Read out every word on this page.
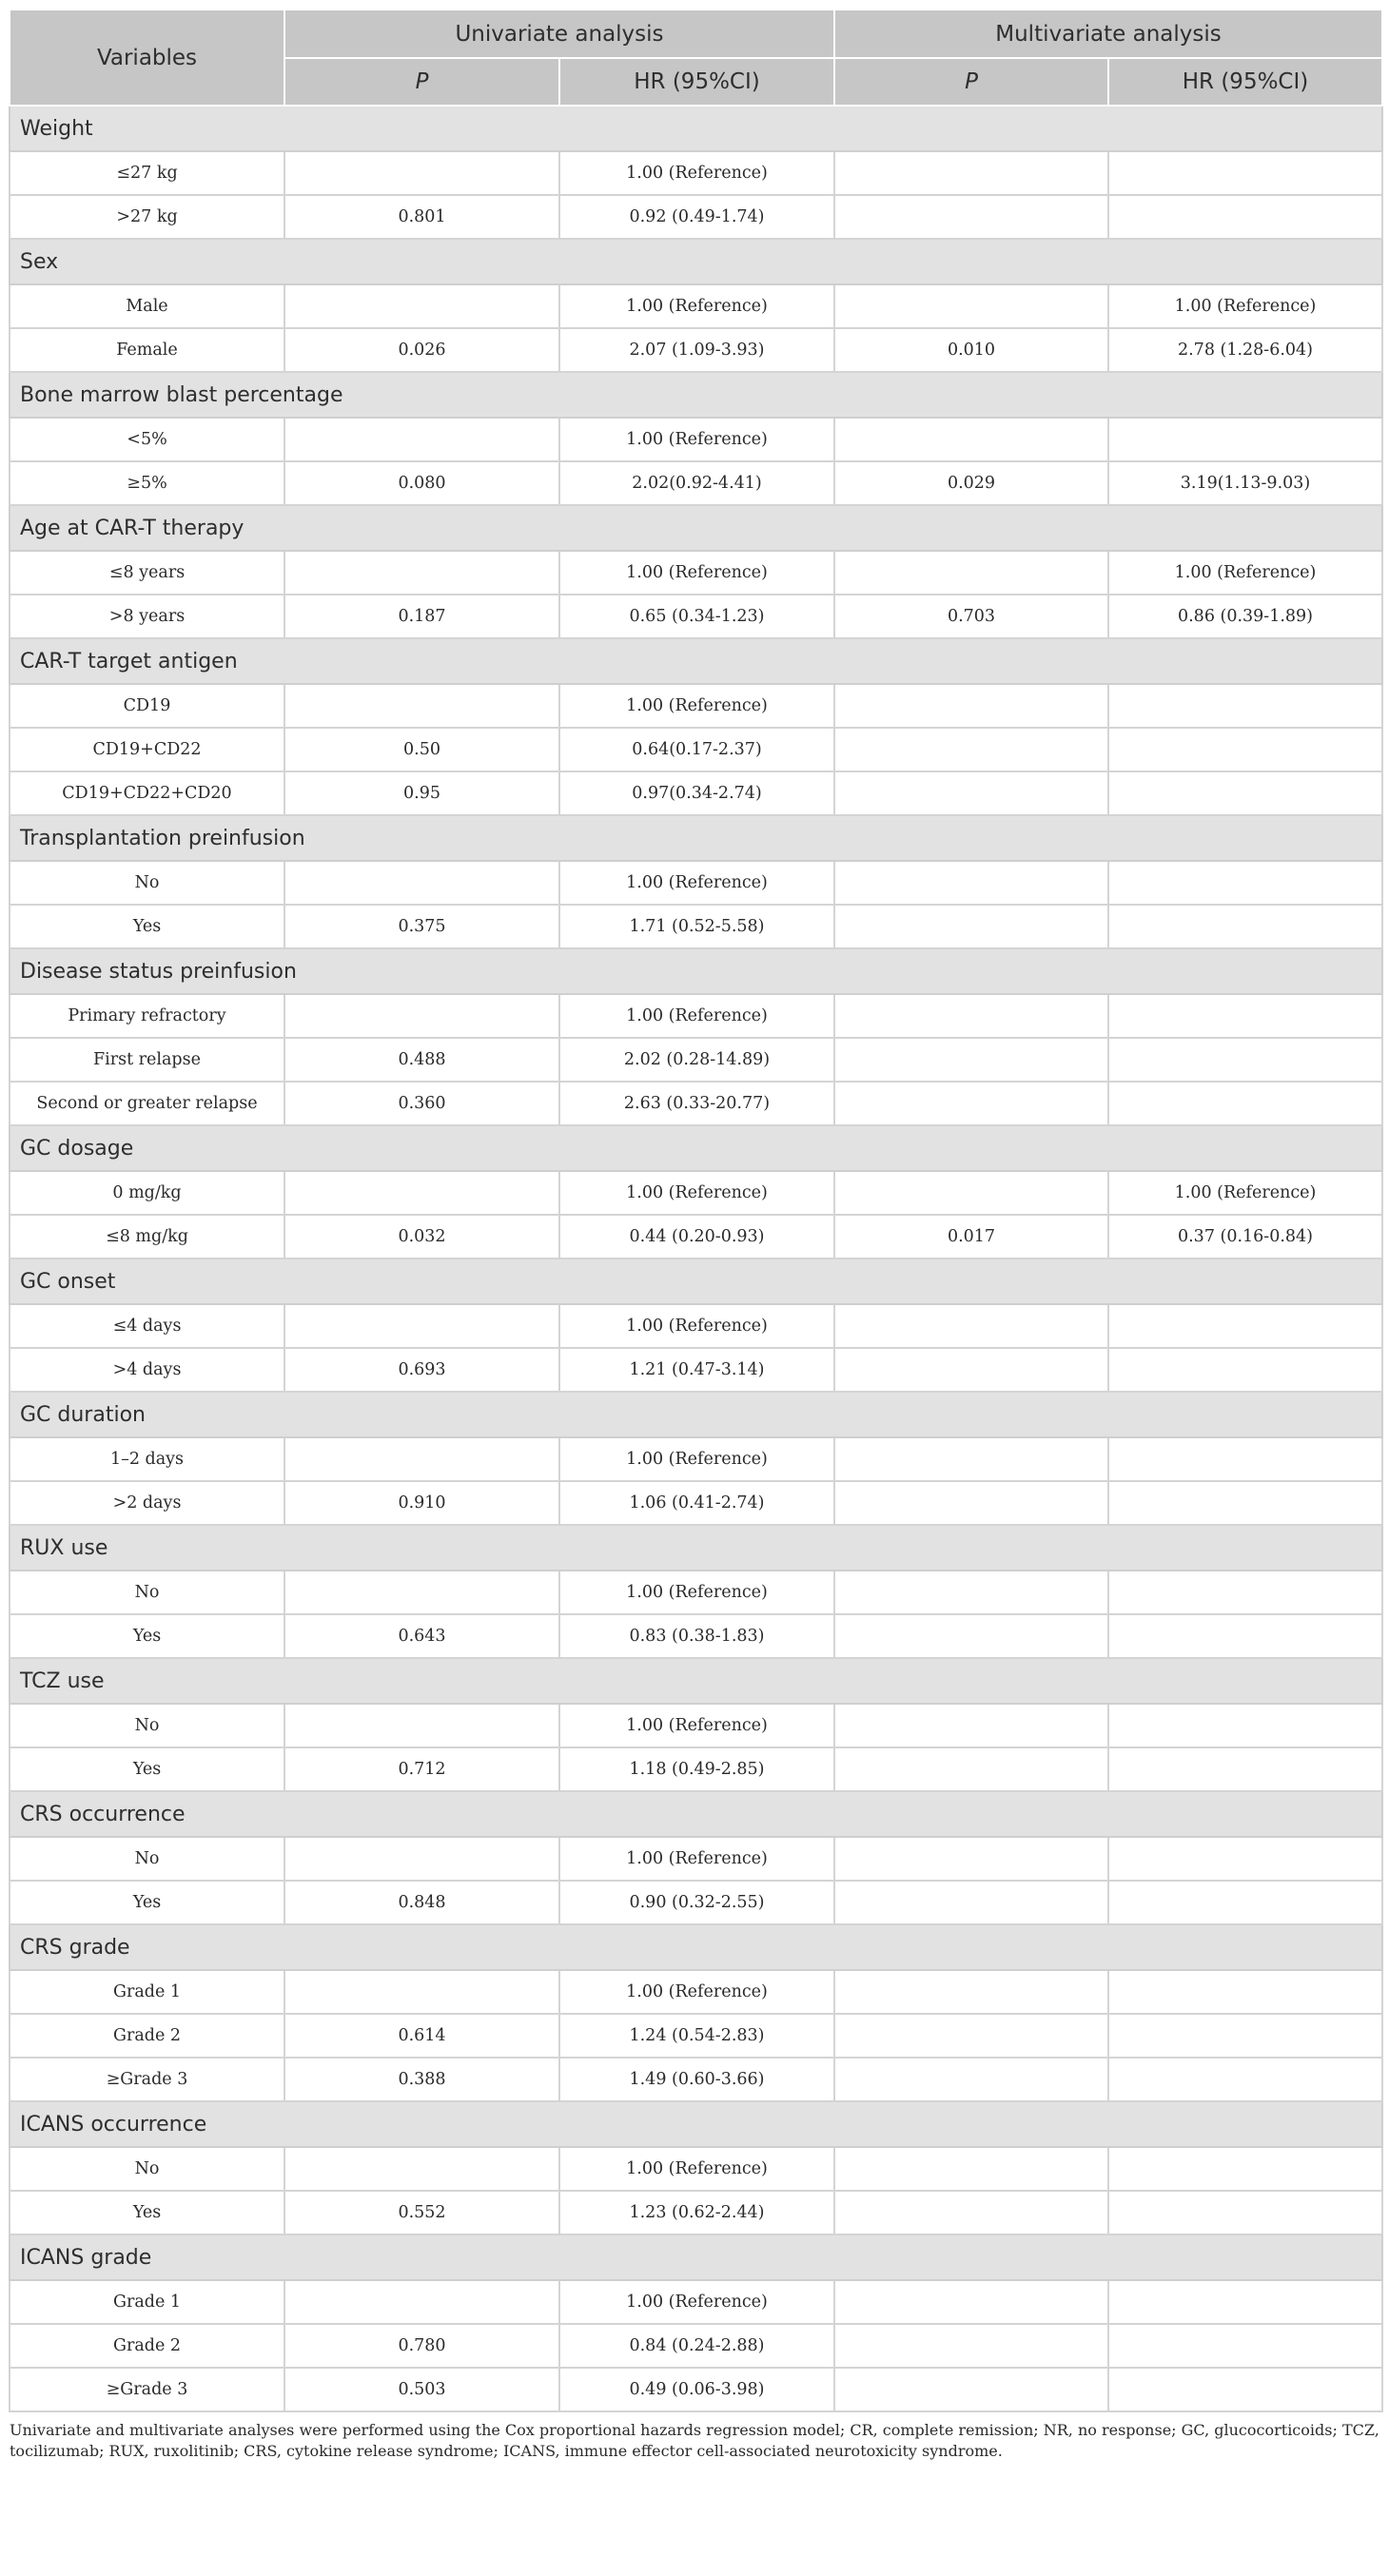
Variables	Univariate analysis		Multivariate analysis	
	P	HR (95%CI)	P	HR (95%CI)
Weight				
≤27 kg		1.00 (Reference)		
>27 kg	0.801	0.92 (0.49-1.74)		
Sex				
Male		1.00 (Reference)		1.00 (Reference)
Female	0.026	2.07 (1.09-3.93)	0.010	2.78 (1.28-6.04)
Bone marrow blast percentage				
<5%		1.00 (Reference)		
≥5%	0.080	2.02(0.92-4.41)	0.029	3.19(1.13-9.03)
Age at CAR-T therapy				
≤8 years		1.00 (Reference)		1.00 (Reference)
>8 years	0.187	0.65 (0.34-1.23)	0.703	0.86 (0.39-1.89)
CAR-T target antigen				
CD19		1.00 (Reference)		
CD19+CD22	0.50	0.64(0.17-2.37)		
CD19+CD22+CD20	0.95	0.97(0.34-2.74)		
Transplantation preinfusion				
No		1.00 (Reference)		
Yes	0.375	1.71 (0.52-5.58)		
Disease status preinfusion				
Primary refractory		1.00 (Reference)		
First relapse	0.488	2.02 (0.28-14.89)		
Second or greater relapse	0.360	2.63 (0.33-20.77)		
GC dosage				
0 mg/kg		1.00 (Reference)		1.00 (Reference)
≤8 mg/kg	0.032	0.44 (0.20-0.93)	0.017	0.37 (0.16-0.84)
GC onset				
≤4 days		1.00 (Reference)		
>4 days	0.693	1.21 (0.47-3.14)		
GC duration				
1–2 days		1.00 (Reference)		
>2 days	0.910	1.06 (0.41-2.74)		
RUX use				
No		1.00 (Reference)		
Yes	0.643	0.83 (0.38-1.83)		
TCZ use				
No		1.00 (Reference)		
Yes	0.712	1.18 (0.49-2.85)		
CRS occurrence				
No		1.00 (Reference)		
Yes	0.848	0.90 (0.32-2.55)		
CRS grade				
Grade 1		1.00 (Reference)		
Grade 2	0.614	1.24 (0.54-2.83)		
≥Grade 3	0.388	1.49 (0.60-3.66)		
ICANS occurrence				
No		1.00 (Reference)		
Yes	0.552	1.23 (0.62-2.44)		
ICANS grade				
Grade 1		1.00 (Reference)		
Grade 2	0.780	0.84 (0.24-2.88)		
≥Grade 3	0.503	0.49 (0.06-3.98)		
Univariate and multivariate analyses were performed using the Cox proportional hazards regression model; CR, complete remission; NR, no response; GC, glucocorticoids; TCZ, tocilizumab; RUX, ruxolitinib; CRS, cytokine release syndrome; ICANS, immune effector cell-associated neurotoxicity syndrome.
